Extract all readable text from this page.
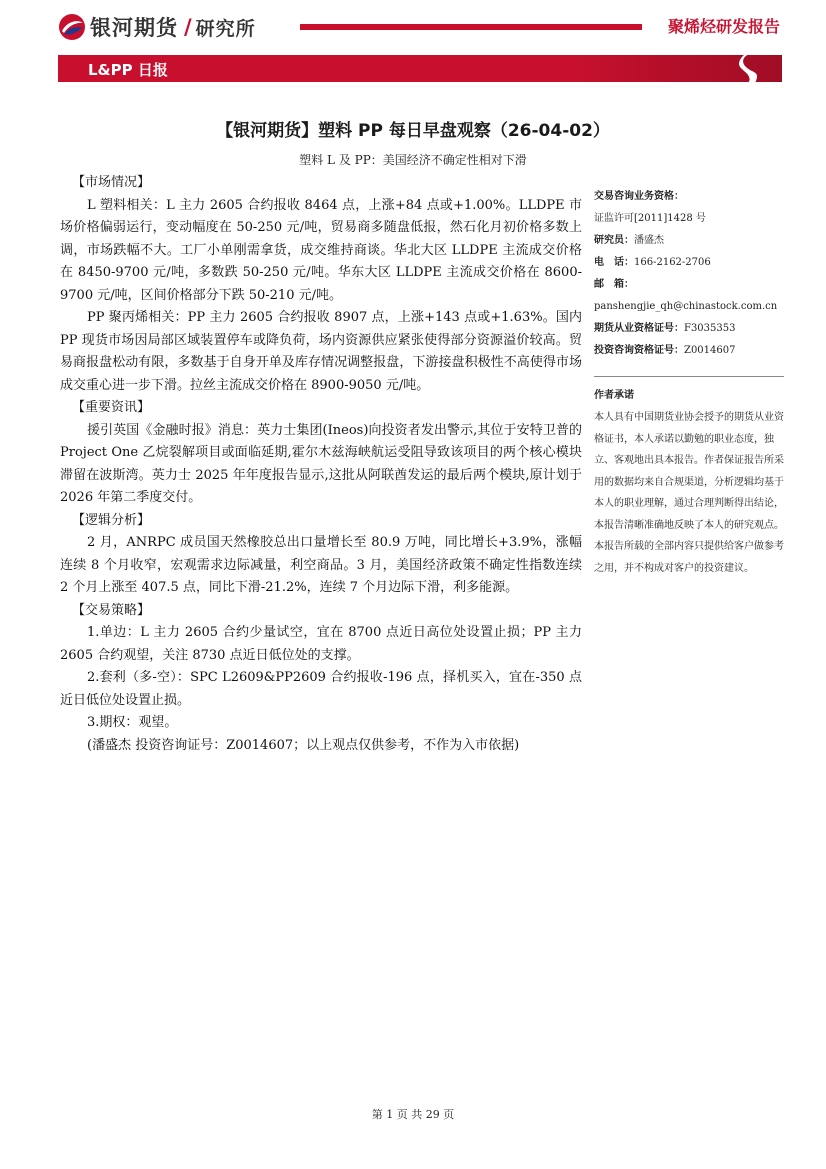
银河期货 / 研究所	聚烯烃研发报告
L&PP 日报
【银河期货】塑料 PP 每日早盘观察（26-04-02）
塑料 L 及 PP：美国经济不确定性相对下滑
【市场情况】

L 塑料相关：L 主力 2605 合约报收 8464 点，上涨+84 点或+1.00%。LLDPE 市场价格偏弱运行，变动幅度在 50-250 元/吨，贸易商多随盘低报，然石化月初价格多数上调，市场跌幅不大。工厂小单刚需拿货，成交维持商谈。华北大区 LLDPE 主流成交价格在 8450-9700 元/吨，多数跌 50-250 元/吨。华东大区 LLDPE 主流成交价格在 8600-9700 元/吨，区间价格部分下跌 50-210 元/吨。

PP 聚丙烯相关：PP 主力 2605 合约报收 8907 点，上涨+143 点或+1.63%。国内 PP 现货市场因局部区域装置停车或降负荷，场内资源供应紧张使得部分资源溢价较高。贸易商报盘松动有限，多数基于自身开单及库存情况调整报盘，下游接盘积极性不高使得市场成交重心进一步下滑。拉丝主流成交价格在 8900-9050 元/吨。

【重要资讯】

援引英国《金融时报》消息：英力士集团(Ineos)向投资者发出警示,其位于安特卫普的 Project One 乙烷裂解项目或面临延期,霍尔木兹海峡航运受阻导致该项目的两个核心模块滞留在波斯湾。英力士 2025 年年度报告显示,这批从阿联酋发运的最后两个模块,原计划于 2026 年第二季度交付。

【逻辑分析】

2 月，ANRPC 成员国天然橡胶总出口量增长至 80.9 万吨，同比增长+3.9%，涨幅连续 8 个月收窄，宏观需求边际减量，利空商品。3 月，美国经济政策不确定性指数连续 2 个月上涨至 407.5 点，同比下滑-21.2%，连续 7 个月边际下滑，利多能源。

【交易策略】

1.单边：L 主力 2605 合约少量试空，宜在 8700 点近日高位处设置止损；PP 主力 2605 合约观望，关注 8730 点近日低位处的支撑。

2.套利（多-空）：SPC L2609&PP2609 合约报收-196 点，择机买入，宜在-350 点近日低位处设置止损。

3.期权：观望。

(潘盛杰 投资咨询证号：Z0014607；以上观点仅供参考，不作为入市依据)

交易咨询业务资格：
证监许可[2011]1428 号
研究员：潘盛杰
电　话：166-2162-2706
邮　箱：
panshengjie_qh@chinastock.com.cn
期货从业资格证号：F3035353
投资咨询资格证号：Z0014607
作者承诺
本人具有中国期货业协会授予的期货从业资格证书，本人承诺以勤勉的职业态度，独立、客观地出具本报告。作者保证报告所采用的数据均来自合规渠道，分析逻辑均基于本人的职业理解，通过合理判断得出结论，本报告清晰准确地反映了本人的研究观点。本报告所载的全部内容只提供给客户做参考之用，并不构成对客户的投资建议。
第 1 页 共 29 页
